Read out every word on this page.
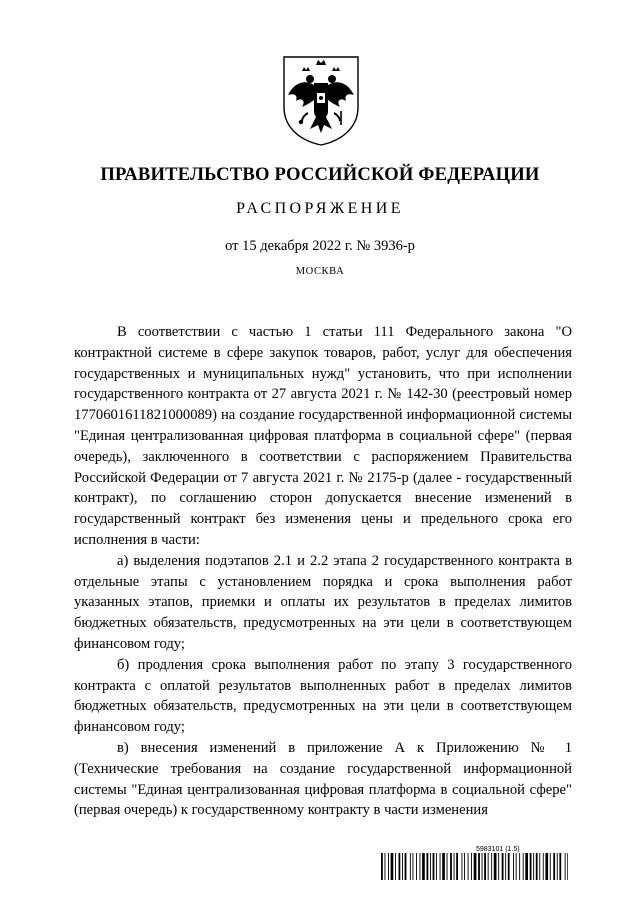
ПРАВИТЕЛЬСТВО РОССИЙСКОЙ ФЕДЕРАЦИИ
РАСПОРЯЖЕНИЕ
от 15 декабря 2022 г. № 3936-р
МОСКВА

В соответствии с частью 1 статьи 111 Федерального закона "О контрактной системе в сфере закупок товаров, работ, услуг для обеспечения государственных и муниципальных нужд" установить, что при исполнении государственного контракта от 27 августа 2021 г. № 142-30 (реестровый номер 1770601611821000089) на создание государственной информационной системы "Единая централизованная цифровая платформа в социальной сфере" (первая очередь), заключенного в соответствии с распоряжением Правительства Российской Федерации от 7 августа 2021 г. № 2175-р (далее - государственный контракт), по соглашению сторон допускается внесение изменений в государственный контракт без изменения цены и предельного срока его исполнения в части:

а) выделения подэтапов 2.1 и 2.2 этапа 2 государственного контракта в отдельные этапы с установлением порядка и срока выполнения работ указанных этапов, приемки и оплаты их результатов в пределах лимитов бюджетных обязательств, предусмотренных на эти цели в соответствующем финансовом году;

б) продления срока выполнения работ по этапу 3 государственного контракта с оплатой результатов выполненных работ в пределах лимитов бюджетных обязательств, предусмотренных на эти цели в соответствующем финансовом году;

в) внесения изменений в приложение А к Приложению № 1 (Технические требования на создание государственной информационной системы "Единая централизованная цифровая платформа в социальной сфере" (первая очередь) к государственному контракту в части изменения

5983101 (1.5)
